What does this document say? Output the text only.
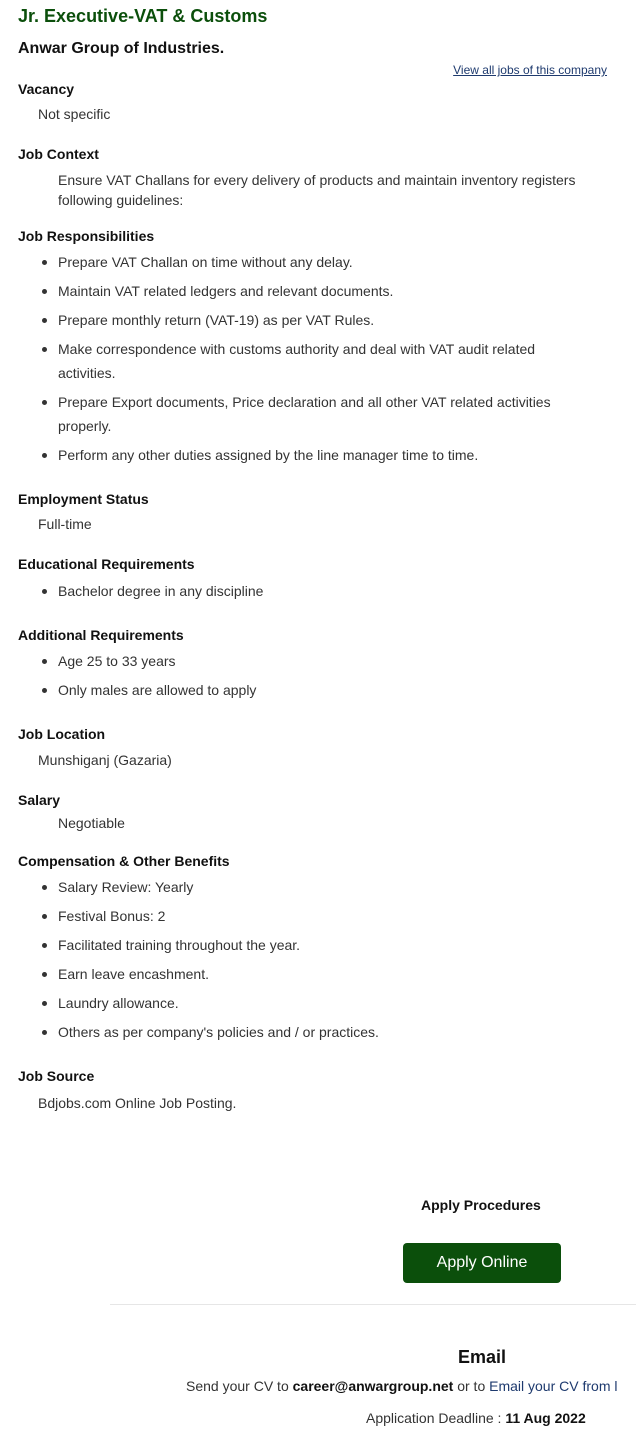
Jr. Executive-VAT & Customs
Anwar Group of Industries.
View all jobs of this company
Vacancy
Not specific
Job Context
Ensure VAT Challans for every delivery of products and maintain inventory registers following guidelines:
Job Responsibilities
Prepare VAT Challan on time without any delay.
Maintain VAT related ledgers and relevant documents.
Prepare monthly return (VAT-19) as per VAT Rules.
Make correspondence with customs authority and deal with VAT audit related activities.
Prepare Export documents, Price declaration and all other VAT related activities properly.
Perform any other duties assigned by the line manager time to time.
Employment Status
Full-time
Educational Requirements
Bachelor degree in any discipline
Additional Requirements
Age 25 to 33 years
Only males are allowed to apply
Job Location
Munshiganj (Gazaria)
Salary
Negotiable
Compensation & Other Benefits
Salary Review: Yearly
Festival Bonus: 2
Facilitated training throughout the year.
Earn leave encashment.
Laundry allowance.
Others as per company's policies and / or practices.
Job Source
Bdjobs.com Online Job Posting.
Apply Procedures
Apply Online
Email
Send your CV to career@anwargroup.net or to Email your CV from l
Application Deadline : 11 Aug 2022
